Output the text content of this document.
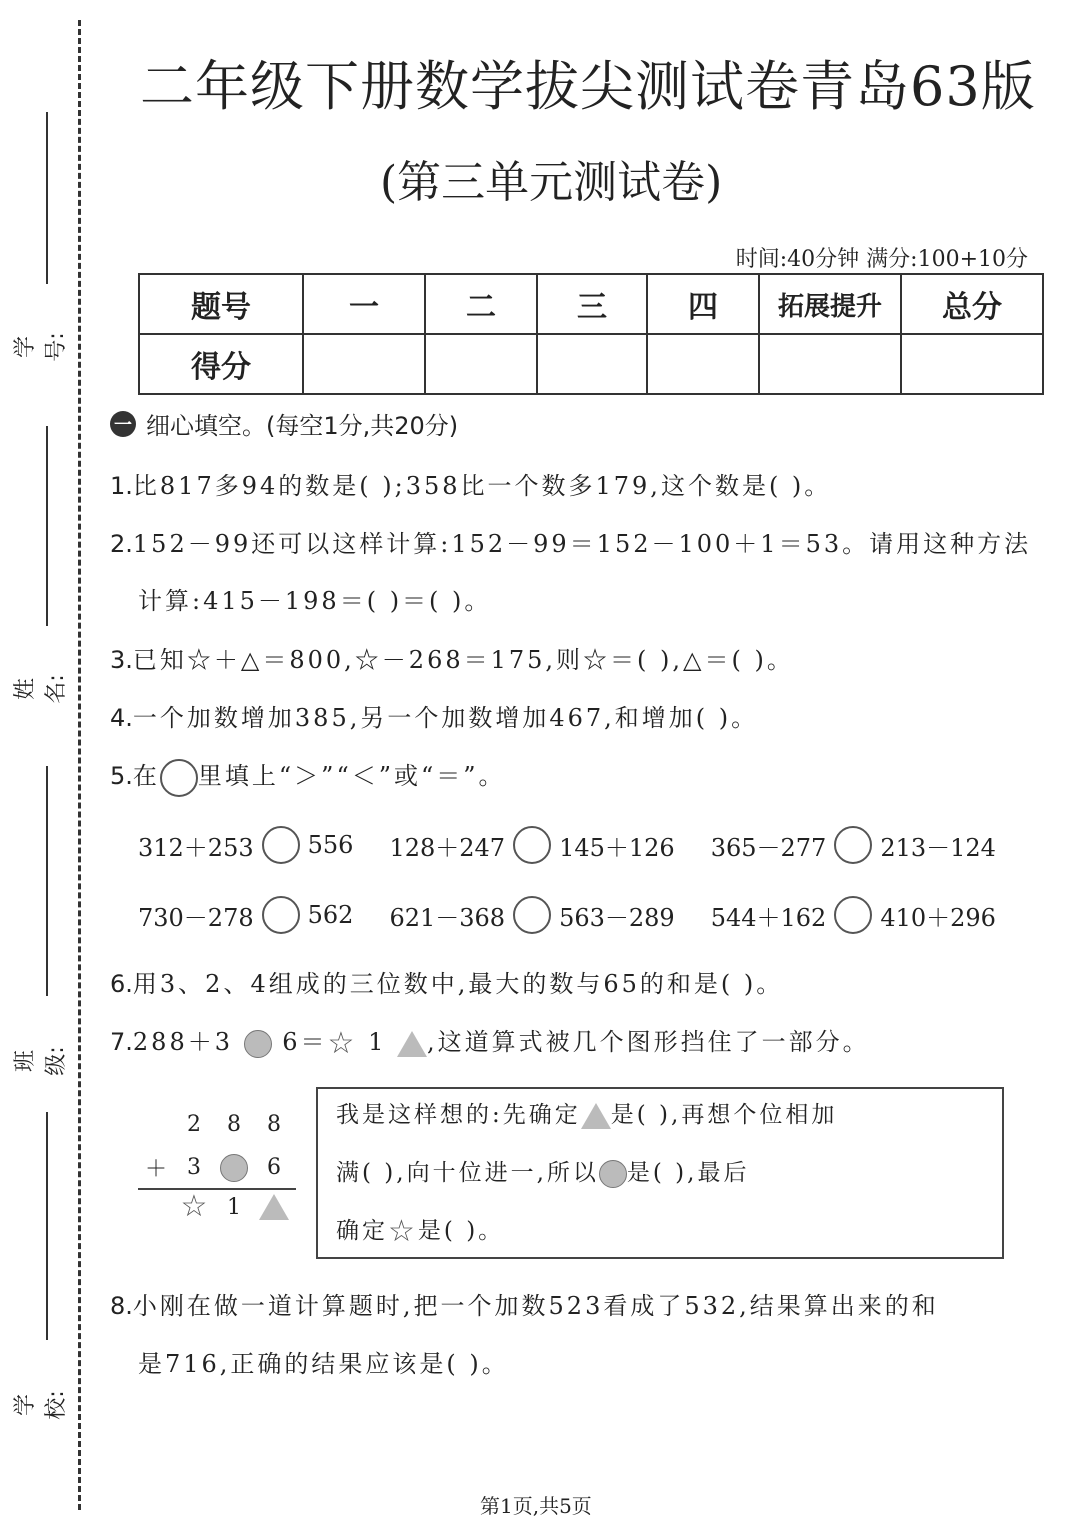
学号:
姓名:
班级:
学校:
二年级下册数学拔尖测试卷青岛63版
(第三单元测试卷)
时间:40分钟 满分:100+10分
题号	一	二	三	四	拓展提升	总分
得分						
一 细心填空。(每空1分,共20分)
1.比817多94的数是( );358比一个数多179,这个数是( )。
2.152－99还可以这样计算:152－99＝152－100＋1＝53。请用这种方法
计算:415－198＝( )＝( )。
3.已知☆＋△＝800,☆－268＝175,则☆＝( ),△＝( )。
4.一个加数增加385,另一个加数增加467,和增加( )。
5.在 里填上“＞”“＜”或“＝”。
312＋253 556 128＋247 145＋126 365－277 213－124
730－278 562 621－368 563－289 544＋162 410＋296
6.用3、2、4组成的三位数中,最大的数与65的和是( )。
7.288＋3 6＝☆ 1 ,这道算式被几个图形挡住了一部分。
2	8	8
＋ 3	6
☆ 1
我是这样想的:先确定 是( ),再想个位相加
满( ),向十位进一,所以 是( ),最后
确定☆是( )。
8.小刚在做一道计算题时,把一个加数523看成了532,结果算出来的和
是716,正确的结果应该是( )。
第1页,共5页
